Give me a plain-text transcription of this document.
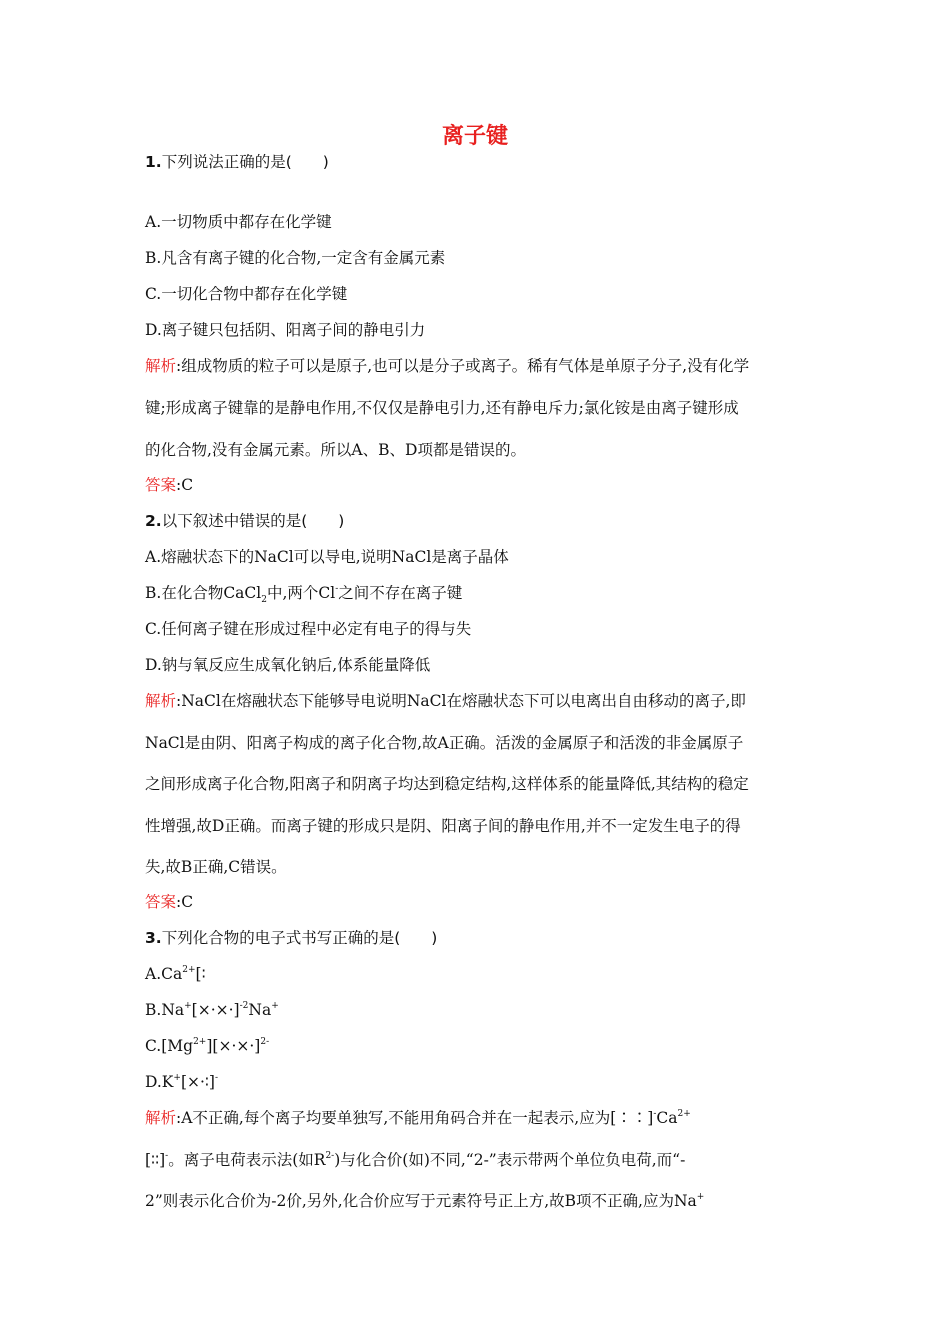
离子键
1.下列说法正确的是(　　)
A.一切物质中都存在化学键
B.凡含有离子键的化合物,一定含有金属元素
C.一切化合物中都存在化学键
D.离子键只包括阴、阳离子间的静电引力
解析:组成物质的粒子可以是原子,也可以是分子或离子。稀有气体是单原子分子,没有化学
键;形成离子键靠的是静电作用,不仅仅是静电引力,还有静电斥力;氯化铵是由离子键形成
的化合物,没有金属元素。所以A、B、D项都是错误的。
答案:C
2.以下叙述中错误的是(　　)
A.熔融状态下的NaCl可以导电,说明NaCl是离子晶体
B.在化合物CaCl$_2$中,两个Cl-之间不存在离子键
C.任何离子键在形成过程中必定有电子的得与失
D.钠与氧反应生成氧化钠后,体系能量降低
解析:NaCl在熔融状态下能够导电说明NaCl在熔融状态下可以电离出自由移动的离子,即
NaCl是由阴、阳离子构成的离子化合物,故A正确。活泼的金属原子和活泼的非金属原子
之间形成离子化合物,阳离子和阴离子均达到稳定结构,这样体系的能量降低,其结构的稳定
性增强,故D正确。而离子键的形成只是阴、阳离子间的静电作用,并不一定发生电子的得
失,故B正确,C错误。
答案:C
3.下列化合物的电子式书写正确的是(　　)
$A.Ca^{2+}[∶$
$B.Na^+[\times\cdot\times\cdot]^{-2}Na^+$
$C.[Mg^{2+}][\times\cdot\times\cdot]^{2-}$
D.K+[×·∶]-
解析:A不正确,每个离子均要单独写,不能用角码合并在一起表示,应为$[∶∶]^-Ca^{2+}$
[∶∶]-。离子电荷表示法(如$R^{2-}$)与化合价(如)不同,“2-”表示带两个单位负电荷,而“-
2”则表示化合价为-2价,另外,化合价应写于元素符号正上方,故B项不正确,应为Na+
